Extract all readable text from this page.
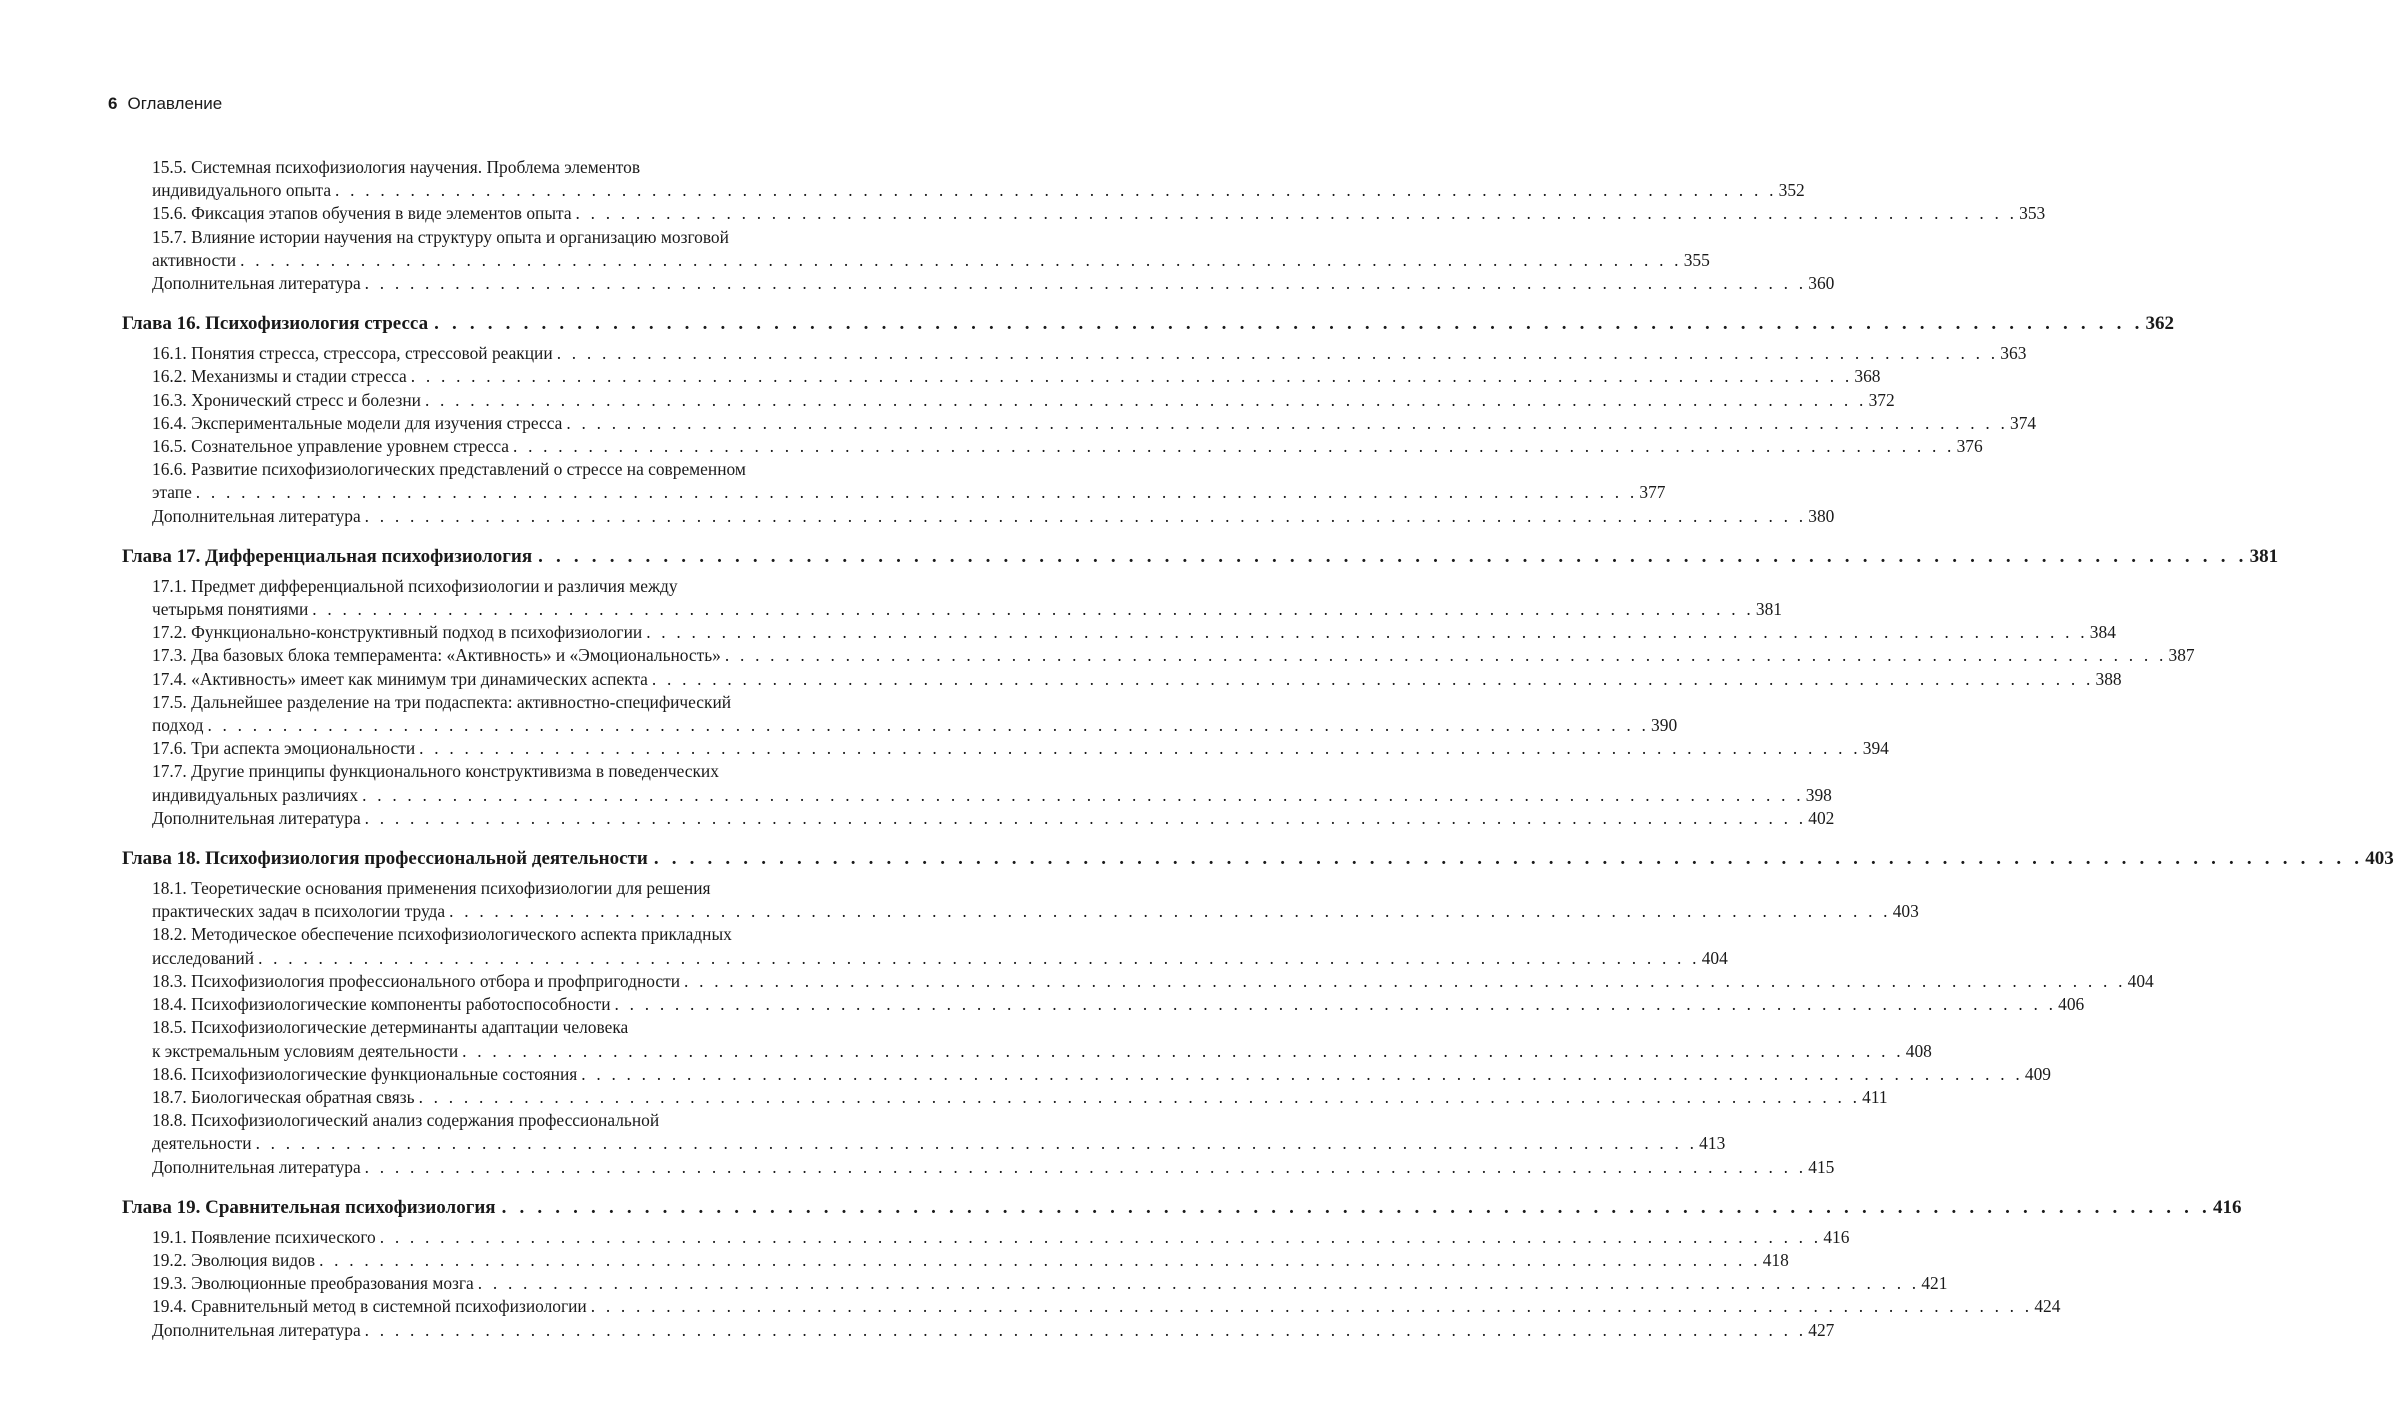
6 Оглавление
15.5. Системная психофизиология научения. Проблема элементов
индивидуального опыта . . . . . . . . . . . . . . . . . . . . . . . . . . . . . . . . . . . . . . . . . . . . . . . . . . . . . . . . . . . . . . . . . . . . . . . . . . . . . . . . . . . . . . . . . . . . . . . . 352
15.6. Фиксация этапов обучения в виде элементов опыта . . . . . . . . . . . . . . . . . . . . . . . . . . . . . . . . . . . . . . . . . . . . . . . . . . . . . . . . . . . . . . . . . . . . . . . . . . . . . . . . . . . . . . . . . . . . . . . . 353
15.7. Влияние истории научения на структуру опыта и организацию мозговой
активности . . . . . . . . . . . . . . . . . . . . . . . . . . . . . . . . . . . . . . . . . . . . . . . . . . . . . . . . . . . . . . . . . . . . . . . . . . . . . . . . . . . . . . . . . . . . . . . . 355
Дополнительная литература . . . . . . . . . . . . . . . . . . . . . . . . . . . . . . . . . . . . . . . . . . . . . . . . . . . . . . . . . . . . . . . . . . . . . . . . . . . . . . . . . . . . . . . . . . . . . . . . 360
Глава 16. Психофизиология стресса . . . . . . . . . . . . . . . . . . . . . . . . . . . . . . . . . . . . . . . . . . . . . . . . . . . . . . . . . . . . . . . . . . . . . . . . . . . . . . . . . . . . . . . . . . . . . . . . 362
16.1. Понятия стресса, стрессора, стрессовой реакции . . . . . . . . . . . . . . . . . . . . . . . . . . . . . . . . . . . . . . . . . . . . . . . . . . . . . . . . . . . . . . . . . . . . . . . . . . . . . . . . . . . . . . . . . . . . . . . . 363
16.2. Механизмы и стадии стресса . . . . . . . . . . . . . . . . . . . . . . . . . . . . . . . . . . . . . . . . . . . . . . . . . . . . . . . . . . . . . . . . . . . . . . . . . . . . . . . . . . . . . . . . . . . . . . . . 368
16.3. Хронический стресс и болезни . . . . . . . . . . . . . . . . . . . . . . . . . . . . . . . . . . . . . . . . . . . . . . . . . . . . . . . . . . . . . . . . . . . . . . . . . . . . . . . . . . . . . . . . . . . . . . . . 372
16.4. Экспериментальные модели для изучения стресса . . . . . . . . . . . . . . . . . . . . . . . . . . . . . . . . . . . . . . . . . . . . . . . . . . . . . . . . . . . . . . . . . . . . . . . . . . . . . . . . . . . . . . . . . . . . . . . . 374
16.5. Сознательное управление уровнем стресса . . . . . . . . . . . . . . . . . . . . . . . . . . . . . . . . . . . . . . . . . . . . . . . . . . . . . . . . . . . . . . . . . . . . . . . . . . . . . . . . . . . . . . . . . . . . . . . . 376
16.6. Развитие психофизиологических представлений о стрессе на современном
этапе . . . . . . . . . . . . . . . . . . . . . . . . . . . . . . . . . . . . . . . . . . . . . . . . . . . . . . . . . . . . . . . . . . . . . . . . . . . . . . . . . . . . . . . . . . . . . . . . 377
Дополнительная литература . . . . . . . . . . . . . . . . . . . . . . . . . . . . . . . . . . . . . . . . . . . . . . . . . . . . . . . . . . . . . . . . . . . . . . . . . . . . . . . . . . . . . . . . . . . . . . . . 380
Глава 17. Дифференциальная психофизиология . . . . . . . . . . . . . . . . . . . . . . . . . . . . . . . . . . . . . . . . . . . . . . . . . . . . . . . . . . . . . . . . . . . . . . . . . . . . . . . . . . . . . . . . . . . . . . . . 381
17.1. Предмет дифференциальной психофизиологии и различия между
четырьмя понятиями . . . . . . . . . . . . . . . . . . . . . . . . . . . . . . . . . . . . . . . . . . . . . . . . . . . . . . . . . . . . . . . . . . . . . . . . . . . . . . . . . . . . . . . . . . . . . . . . 381
17.2. Функционально-конструктивный подход в психофизиологии . . . . . . . . . . . . . . . . . . . . . . . . . . . . . . . . . . . . . . . . . . . . . . . . . . . . . . . . . . . . . . . . . . . . . . . . . . . . . . . . . . . . . . . . . . . . . . . . 384
17.3. Два базовых блока темперамента: «Активность» и «Эмоциональность» . . . . . . . . . . . . . . . . . . . . . . . . . . . . . . . . . . . . . . . . . . . . . . . . . . . . . . . . . . . . . . . . . . . . . . . . . . . . . . . . . . . . . . . . . . . . . . . . 387
17.4. «Активность» имеет как минимум три динамических аспекта . . . . . . . . . . . . . . . . . . . . . . . . . . . . . . . . . . . . . . . . . . . . . . . . . . . . . . . . . . . . . . . . . . . . . . . . . . . . . . . . . . . . . . . . . . . . . . . . 388
17.5. Дальнейшее разделение на три подаспекта: активностно-специфический
подход . . . . . . . . . . . . . . . . . . . . . . . . . . . . . . . . . . . . . . . . . . . . . . . . . . . . . . . . . . . . . . . . . . . . . . . . . . . . . . . . . . . . . . . . . . . . . . . . 390
17.6. Три аспекта эмоциональности . . . . . . . . . . . . . . . . . . . . . . . . . . . . . . . . . . . . . . . . . . . . . . . . . . . . . . . . . . . . . . . . . . . . . . . . . . . . . . . . . . . . . . . . . . . . . . . . 394
17.7. Другие принципы функционального конструктивизма в поведенческих
индивидуальных различиях . . . . . . . . . . . . . . . . . . . . . . . . . . . . . . . . . . . . . . . . . . . . . . . . . . . . . . . . . . . . . . . . . . . . . . . . . . . . . . . . . . . . . . . . . . . . . . . . 398
Дополнительная литература . . . . . . . . . . . . . . . . . . . . . . . . . . . . . . . . . . . . . . . . . . . . . . . . . . . . . . . . . . . . . . . . . . . . . . . . . . . . . . . . . . . . . . . . . . . . . . . . 402
Глава 18. Психофизиология профессиональной деятельности . . . . . . . . . . . . . . . . . . . . . . . . . . . . . . . . . . . . . . . . . . . . . . . . . . . . . . . . . . . . . . . . . . . . . . . . . . . . . . . . . . . . . . . . . . . . . . . . 403
18.1. Теоретические основания применения психофизиологии для решения
практических задач в психологии труда . . . . . . . . . . . . . . . . . . . . . . . . . . . . . . . . . . . . . . . . . . . . . . . . . . . . . . . . . . . . . . . . . . . . . . . . . . . . . . . . . . . . . . . . . . . . . . . . 403
18.2. Методическое обеспечение психофизиологического аспекта прикладных
исследований . . . . . . . . . . . . . . . . . . . . . . . . . . . . . . . . . . . . . . . . . . . . . . . . . . . . . . . . . . . . . . . . . . . . . . . . . . . . . . . . . . . . . . . . . . . . . . . . 404
18.3. Психофизиология профессионального отбора и профпригодности . . . . . . . . . . . . . . . . . . . . . . . . . . . . . . . . . . . . . . . . . . . . . . . . . . . . . . . . . . . . . . . . . . . . . . . . . . . . . . . . . . . . . . . . . . . . . . . . 404
18.4. Психофизиологические компоненты работоспособности . . . . . . . . . . . . . . . . . . . . . . . . . . . . . . . . . . . . . . . . . . . . . . . . . . . . . . . . . . . . . . . . . . . . . . . . . . . . . . . . . . . . . . . . . . . . . . . . 406
18.5. Психофизиологические детерминанты адаптации человека
к экстремальным условиям деятельности . . . . . . . . . . . . . . . . . . . . . . . . . . . . . . . . . . . . . . . . . . . . . . . . . . . . . . . . . . . . . . . . . . . . . . . . . . . . . . . . . . . . . . . . . . . . . . . . 408
18.6. Психофизиологические функциональные состояния . . . . . . . . . . . . . . . . . . . . . . . . . . . . . . . . . . . . . . . . . . . . . . . . . . . . . . . . . . . . . . . . . . . . . . . . . . . . . . . . . . . . . . . . . . . . . . . . 409
18.7. Биологическая обратная связь . . . . . . . . . . . . . . . . . . . . . . . . . . . . . . . . . . . . . . . . . . . . . . . . . . . . . . . . . . . . . . . . . . . . . . . . . . . . . . . . . . . . . . . . . . . . . . . . 411
18.8. Психофизиологический анализ содержания профессиональной
деятельности . . . . . . . . . . . . . . . . . . . . . . . . . . . . . . . . . . . . . . . . . . . . . . . . . . . . . . . . . . . . . . . . . . . . . . . . . . . . . . . . . . . . . . . . . . . . . . . . 413
Дополнительная литература . . . . . . . . . . . . . . . . . . . . . . . . . . . . . . . . . . . . . . . . . . . . . . . . . . . . . . . . . . . . . . . . . . . . . . . . . . . . . . . . . . . . . . . . . . . . . . . . 415
Глава 19. Сравнительная психофизиология . . . . . . . . . . . . . . . . . . . . . . . . . . . . . . . . . . . . . . . . . . . . . . . . . . . . . . . . . . . . . . . . . . . . . . . . . . . . . . . . . . . . . . . . . . . . . . . . 416
19.1. Появление психического . . . . . . . . . . . . . . . . . . . . . . . . . . . . . . . . . . . . . . . . . . . . . . . . . . . . . . . . . . . . . . . . . . . . . . . . . . . . . . . . . . . . . . . . . . . . . . . . 416
19.2. Эволюция видов . . . . . . . . . . . . . . . . . . . . . . . . . . . . . . . . . . . . . . . . . . . . . . . . . . . . . . . . . . . . . . . . . . . . . . . . . . . . . . . . . . . . . . . . . . . . . . . . 418
19.3. Эволюционные преобразования мозга . . . . . . . . . . . . . . . . . . . . . . . . . . . . . . . . . . . . . . . . . . . . . . . . . . . . . . . . . . . . . . . . . . . . . . . . . . . . . . . . . . . . . . . . . . . . . . . . 421
19.4. Сравнительный метод в системной психофизиологии . . . . . . . . . . . . . . . . . . . . . . . . . . . . . . . . . . . . . . . . . . . . . . . . . . . . . . . . . . . . . . . . . . . . . . . . . . . . . . . . . . . . . . . . . . . . . . . . 424
Дополнительная литература . . . . . . . . . . . . . . . . . . . . . . . . . . . . . . . . . . . . . . . . . . . . . . . . . . . . . . . . . . . . . . . . . . . . . . . . . . . . . . . . . . . . . . . . . . . . . . . . 427
